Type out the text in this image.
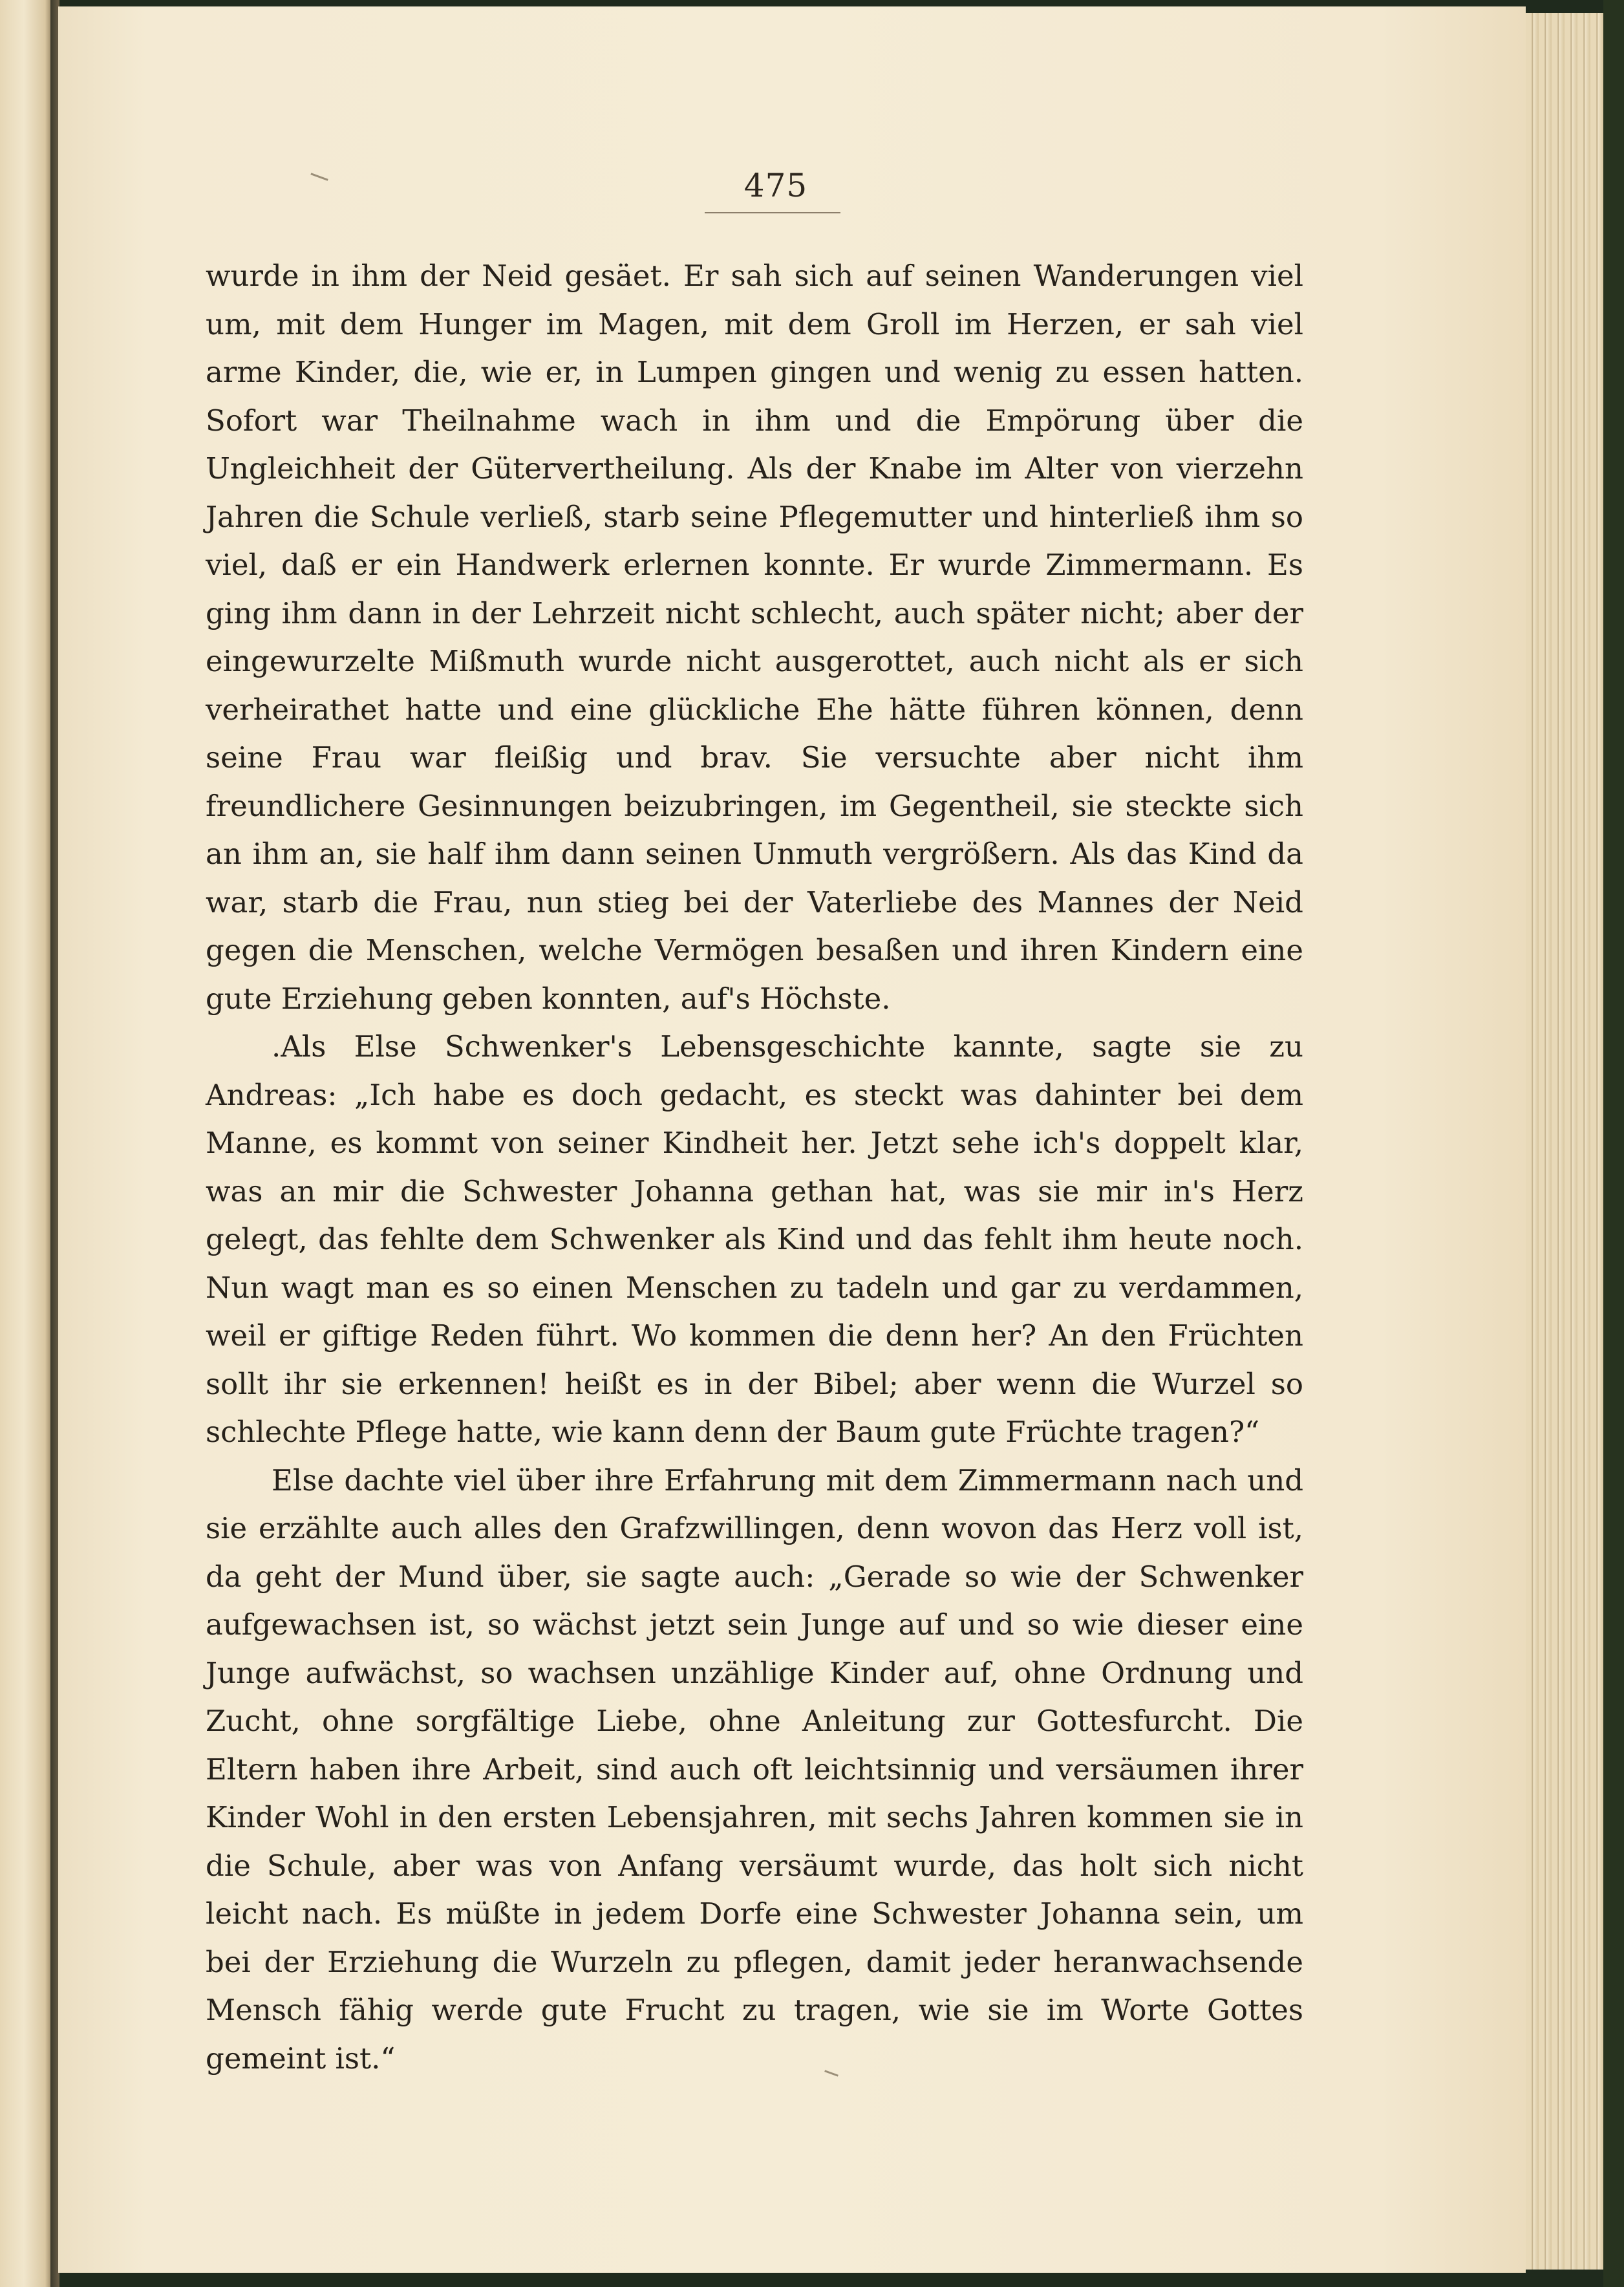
475

wurde in ihm der Neid gesäet. Er sah sich auf seinen Wanderungen viel um, mit dem Hunger im Magen, mit dem Groll im Herzen, er sah viel arme Kinder, die, wie er, in Lumpen gingen und wenig zu essen hatten. Sofort war Theilnahme wach in ihm und die Empörung über die Ungleichheit der Gütervertheilung. Als der Knabe im Alter von vierzehn Jahren die Schule verließ, starb seine Pflegemutter und hinterließ ihm so viel, daß er ein Handwerk erlernen konnte. Er wurde Zimmermann. Es ging ihm dann in der Lehrzeit nicht schlecht, auch später nicht; aber der eingewurzelte Mißmuth wurde nicht ausgerottet, auch nicht als er sich verheirathet hatte und eine glückliche Ehe hätte führen können, denn seine Frau war fleißig und brav. Sie versuchte aber nicht ihm freundlichere Gesinnungen beizubringen, im Gegentheil, sie steckte sich an ihm an, sie half ihm dann seinen Unmuth vergrößern. Als das Kind da war, starb die Frau, nun stieg bei der Vaterliebe des Mannes der Neid gegen die Menschen, welche Vermögen besaßen und ihren Kindern eine gute Erziehung geben konnten, auf's Höchste.

.Als Else Schwenker's Lebensgeschichte kannte, sagte sie zu Andreas: „Ich habe es doch gedacht, es steckt was dahinter bei dem Manne, es kommt von seiner Kindheit her. Jetzt sehe ich's doppelt klar, was an mir die Schwester Johanna gethan hat, was sie mir in's Herz gelegt, das fehlte dem Schwenker als Kind und das fehlt ihm heute noch. Nun wagt man es so einen Menschen zu tadeln und gar zu verdammen, weil er giftige Reden führt. Wo kommen die denn her? An den Früchten sollt ihr sie erkennen! heißt es in der Bibel; aber wenn die Wurzel so schlechte Pflege hatte, wie kann denn der Baum gute Früchte tragen?“

Else dachte viel über ihre Erfahrung mit dem Zimmermann nach und sie erzählte auch alles den Grafzwillingen, denn wovon das Herz voll ist, da geht der Mund über, sie sagte auch: „Gerade so wie der Schwenker aufgewachsen ist, so wächst jetzt sein Junge auf und so wie dieser eine Junge aufwächst, so wachsen unzählige Kinder auf, ohne Ordnung und Zucht, ohne sorgfältige Liebe, ohne Anleitung zur Gottesfurcht. Die Eltern haben ihre Arbeit, sind auch oft leichtsinnig und versäumen ihrer Kinder Wohl in den ersten Lebensjahren, mit sechs Jahren kommen sie in die Schule, aber was von Anfang versäumt wurde, das holt sich nicht leicht nach. Es müßte in jedem Dorfe eine Schwester Johanna sein, um bei der Erziehung die Wurzeln zu pflegen, damit jeder heranwachsende Mensch fähig werde gute Frucht zu tragen, wie sie im Worte Gottes gemeint ist.“
